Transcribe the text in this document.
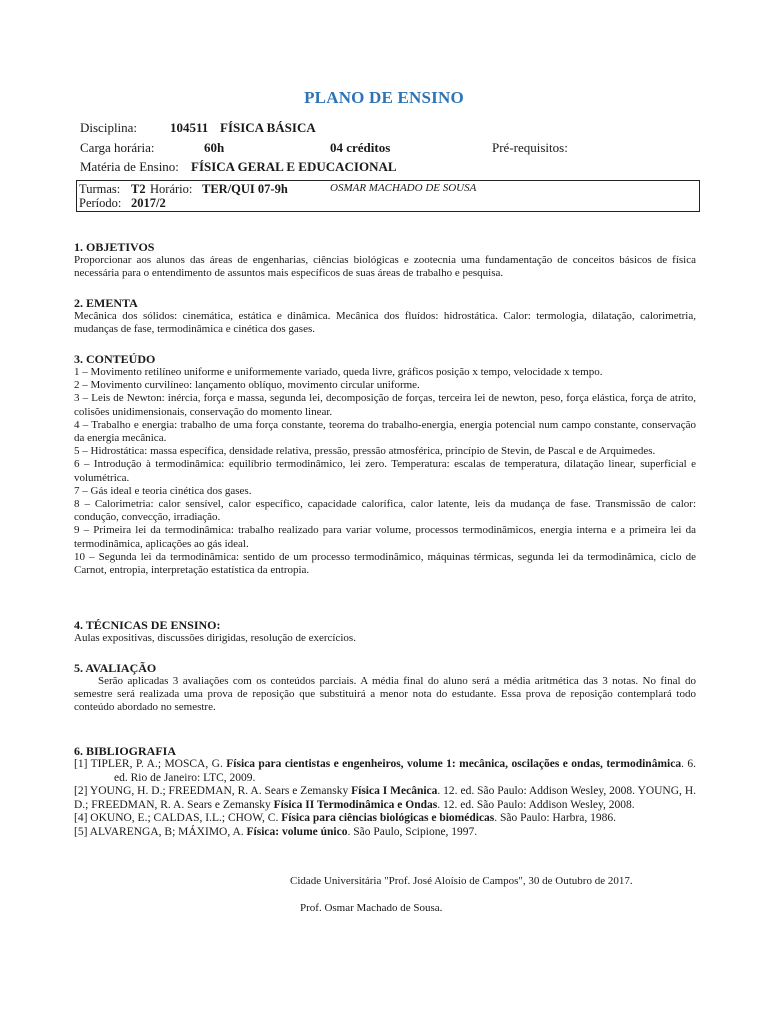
PLANO DE ENSINO
Disciplina:	104511 FÍSICA BÁSICA
Carga horária:	60h	04 créditos	Pré-requisitos:
Matéria de Ensino: FÍSICA GERAL E EDUCACIONAL
Turmas: T2 Horário: TER/QUI 07-9h	OSMAR MACHADO DE SOUSA
Período: 2017/2
1. OBJETIVOS

Proporcionar aos alunos das áreas de engenharias, ciências biológicas e zootecnia uma fundamentação de conceitos básicos de física necessária para o entendimento de assuntos mais específicos de suas áreas de trabalho e pesquisa.

2. EMENTA

Mecânica dos sólidos: cinemática, estática e dinâmica. Mecânica dos fluídos: hidrostática. Calor: termologia, dilatação, calorimetria, mudanças de fase, termodinâmica e cinética dos gases.

3. CONTEÚDO

1 – Movimento retilíneo uniforme e uniformemente variado, queda livre, gráficos posição x tempo, velocidade x tempo.

2 – Movimento curvilíneo: lançamento oblíquo, movimento circular uniforme.

3 – Leis de Newton: inércia, força e massa, segunda lei, decomposição de forças, terceira lei de newton, peso, força elástica, força de atrito, colisões unidimensionais, conservação do momento linear.

4 – Trabalho e energia: trabalho de uma força constante, teorema do trabalho-energia, energia potencial num campo constante, conservação da energia mecânica.

5 – Hidrostática: massa específica, densidade relativa, pressão, pressão atmosférica, princípio de Stevin, de Pascal e de Arquimedes.

6 – Introdução à termodinâmica: equilíbrio termodinâmico, lei zero. Temperatura: escalas de temperatura, dilatação linear, superficial e volumétrica.

7 – Gás ideal e teoria cinética dos gases.

8 – Calorimetria: calor sensível, calor específico, capacidade calorífica, calor latente, leis da mudança de fase. Transmissão de calor: condução, convecção, irradiação.

9 – Primeira lei da termodinâmica: trabalho realizado para variar volume, processos termodinâmicos, energia interna e a primeira lei da termodinâmica, aplicações ao gás ideal.

10 – Segunda lei da termodinâmica: sentido de um processo termodinâmico, máquinas térmicas, segunda lei da termodinâmica, ciclo de Carnot, entropia, interpretação estatística da entropia.

4. TÉCNICAS DE ENSINO:

Aulas expositivas, discussões dirigidas, resolução de exercícios.

5. AVALIAÇÃO

Serão aplicadas 3 avaliações com os conteúdos parciais. A média final do aluno será a média aritmética das 3 notas. No final do semestre será realizada uma prova de reposição que substituirá a menor nota do estudante. Essa prova de reposição contemplará todo conteúdo abordado no semestre.

6. BIBLIOGRAFIA

[1] TIPLER, P. A.; MOSCA, G. Física para cientistas e engenheiros, volume 1: mecânica, oscilações e ondas, termodinâmica. 6. ed. Rio de Janeiro: LTC, 2009.

[2] YOUNG, H. D.; FREEDMAN, R. A. Sears e Zemansky Física I Mecânica. 12. ed. São Paulo: Addison Wesley, 2008. YOUNG, H. D.; FREEDMAN, R. A. Sears e Zemansky Física II Termodinâmica e Ondas. 12. ed. São Paulo: Addison Wesley, 2008.

[4] OKUNO, E.; CALDAS, I.L.; CHOW, C. Física para ciências biológicas e biomédicas. São Paulo: Harbra, 1986.

[5] ALVARENGA, B; MÁXIMO, A. Física: volume único. São Paulo, Scipione, 1997.

Cidade Universitária "Prof. José Aloísio de Campos", 30 de Outubro de 2017.
Prof. Osmar Machado de Sousa.
